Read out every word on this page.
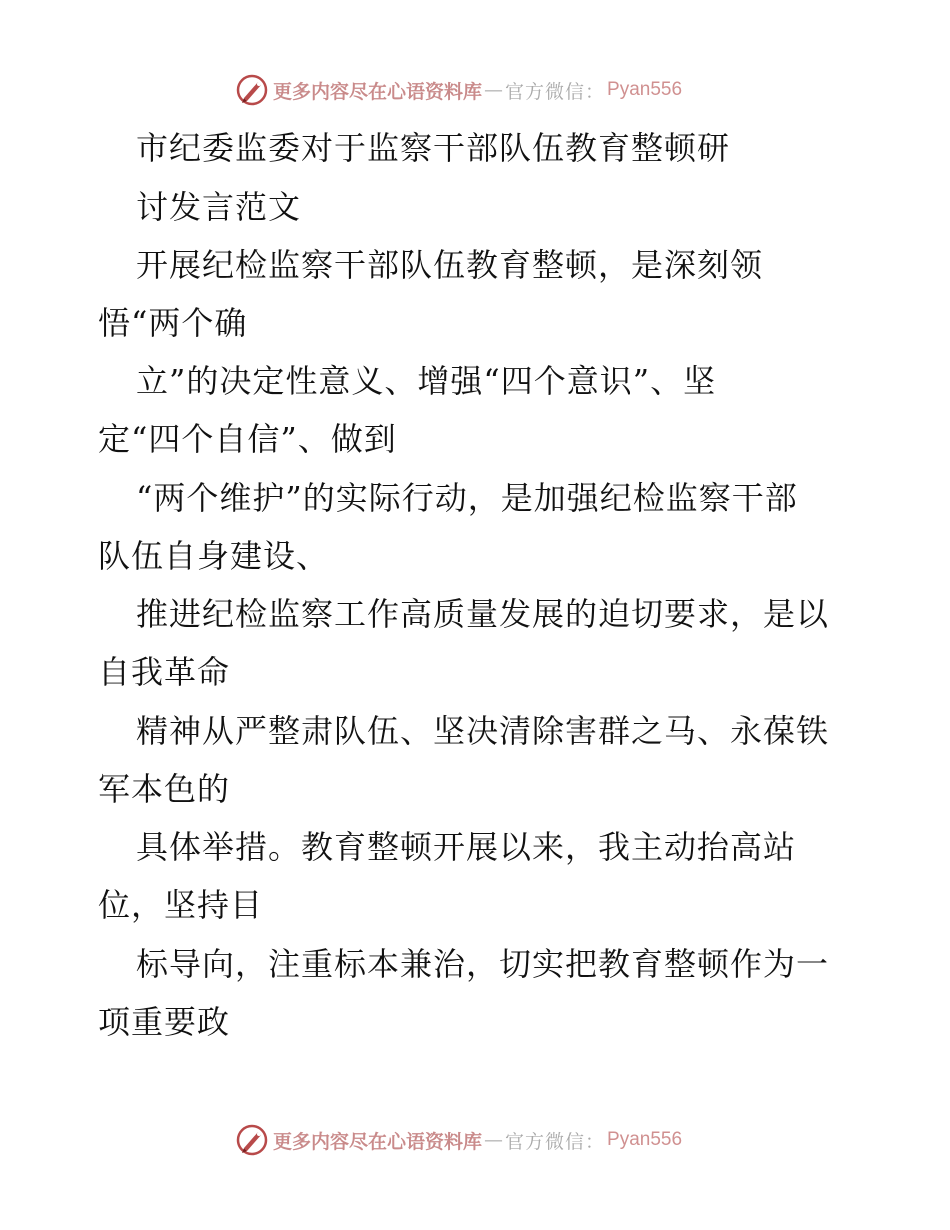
更多内容尽在心语资料库 — 官方微信： Pyan556
市纪委监委对于监察干部队伍教育整顿研
讨发言范文
开展纪检监察干部队伍教育整顿，是深刻领
悟“两个确
立”的决定性意义、增强“四个意识”、坚
定“四个自信”、做到
“两个维护”的实际行动，是加强纪检监察干部
队伍自身建设、
推进纪检监察工作高质量发展的迫切要求，是以
自我革命
精神从严整肃队伍、坚决清除害群之马、永葆铁
军本色的
具体举措。教育整顿开展以来，我主动抬高站
位，坚持目
标导向，注重标本兼治，切实把教育整顿作为一
项重要政
更多内容尽在心语资料库 — 官方微信： Pyan556
